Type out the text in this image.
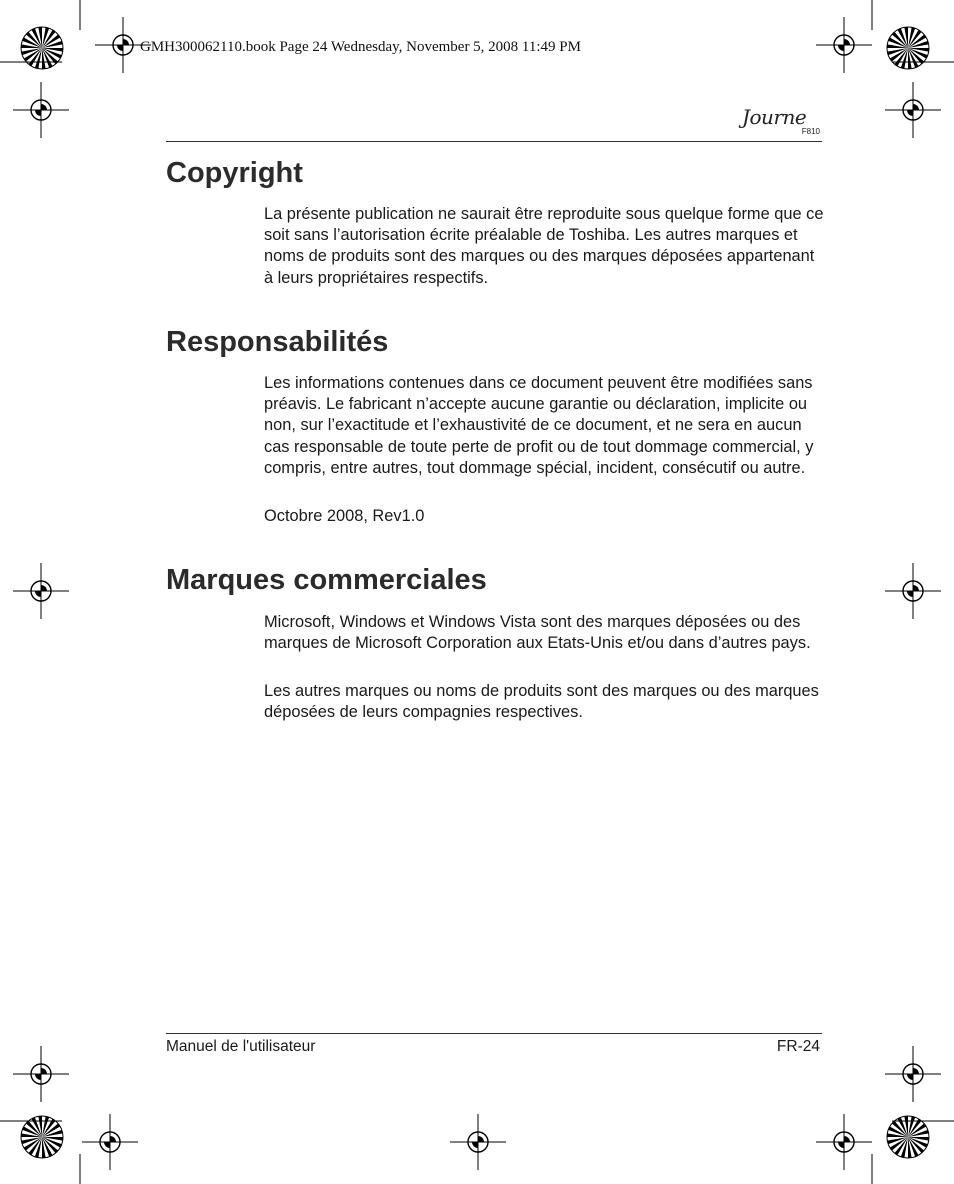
GMH300062110.book Page 24 Wednesday, November 5, 2008 11:49 PM
Journe
F810
Copyright

La présente publication ne saurait être reproduite sous quelque forme que ce soit sans l’autorisation écrite préalable de Toshiba. Les autres marques et noms de produits sont des marques ou des marques déposées appartenant à leurs propriétaires respectifs.

Responsabilités

Les informations contenues dans ce document peuvent être modifiées sans préavis. Le fabricant n’accepte aucune garantie ou déclaration, implicite ou non, sur l’exactitude et l’exhaustivité de ce document, et ne sera en aucun cas responsable de toute perte de profit ou de tout dommage commercial, y compris, entre autres, tout dommage spécial, incident, consécutif ou autre.

Octobre 2008, Rev1.0

Marques commerciales

Microsoft, Windows et Windows Vista sont des marques déposées ou des marques de Microsoft Corporation aux Etats-Unis et/ou dans d’autres pays.

Les autres marques ou noms de produits sont des marques ou des marques déposées de leurs compagnies respectives.

Manuel de l'utilisateur	FR-24
